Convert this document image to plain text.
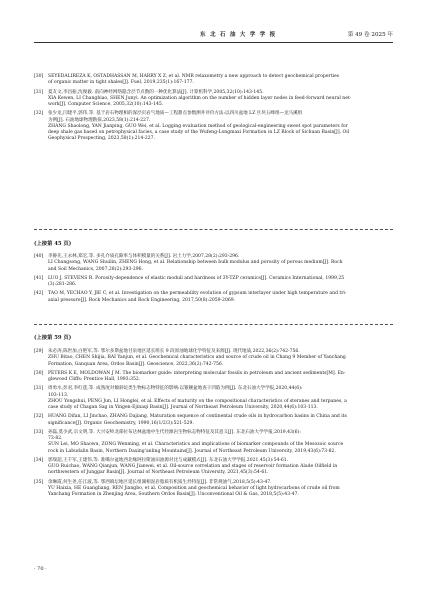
东 北 石 油 大 学 学 报	第 49 卷 2025 年
[30] SEYEDALIREZA K, OSTADHASSAN M, HARRY X Z, et al. NMR relaxometry a new approach to detect geochemical properties

of organic matter in tight shales[J]. Fuel, 2019,235(1):167-177.

[31] 夏友文,李昌振,沈俊毅. 前向神经网络隐含层节点数的一种优化算法[J]. 计算机科学,2005,32(10):143-145.

XIA Kewen, LI Changbiao, SHEN Junyi. An optimization algorithm on the number of hidden layer nodes in feed-forward neural net-

work[J]. Computer Science, 2005,32(10):143-145.

[32] 张少龙,闫建平,郭伟,等. 基于岩石物理相的深层页岩气地质—工程甜点参数测井评价方法:以四川盆地 LZ 区块五峰组—龙马溪组

为例[J]. 石油地球物理勘探,2023,58(1):214-227.

ZHANG Shaolong, YAN Jianping, GUO Wei, et al. Logging evaluation method of geological-engineering sweet spot parameters for

deep shale gas based on petrophysical facies, a case study of the Wufeng-Longmaxi Formation in LZ Block of Sichuan Basin[J]. Oil

Geophysical Prospecting, 2023,58(1):214-227.

(上接第 45 页)
[40] 李静先,王永林,郑宏,等. 多孔介质孔隙率与体积模量的关系[J]. 岩土力学,2007,28(2):293-296.

LI Changsong, WANG Shuilin, ZHENG Hong, et al. Relationship between bulk modulus and porosity of porous medium[J]. Rock

and Soil Mechanics, 2007,28(2):293-296.

[41] LUO J, STEVENS R. Porosity-dependence of elastic moduli and hardness of 3Y-TZP ceramics[J]. Ceramics International, 1999,25

(3):281-286.

[42] TAO M, YECHAO Y, JIE C, et al. Investigation on the permeability evolution of gypsum interlayer under high temperature and tri-

axial pressure[J]. Rock Mechanics and Rock Engineering, 2017,50(8):2059-2069.

(上接第 59 页)
[29] 朱必涛,陈世加,白艳军,等. 鄂尔多斯盆地甘泉地区延长组长 9 段原油地球化学特征及来源[J]. 现代地质,2022,36(2):742-756.

ZHU Bitao, CHEN Shijia, BAI Yanjun, et al. Geochemical characteristics and source of crude oil in Chang 9 Member of Yanchang

Formation, Ganquan Area, Ordos Basin[J]. Geoscience, 2022,36(2):742-756.

[30] PETERS K E, MOLDOWAN J M. The biomarker guide: interpreting molecular fossils in petroleum and ancient sediments[M]. En-

glewood Cliffs: Prentice Hall, 1993:352.

[31] 周勇水,彭君,李红莲,等. 成熟度对倾斜烷类生物标志物特征的影响:以银额盆地查干凹陷为例[J]. 东北石油大学学报,2020,44(6):

103-113.

ZHOU Yongshui, PENG Jun, LI Honglei, et al. Effects of maturity on the compositional characteristics of steranes and terpanes, a

case study of Chagan Sag in Yingen-Ejinaqi Basin[J]. Journal of Northeast Petroleum University, 2020,44(6):103-113.

[32] HUANG Difan, LI Jinchao, ZHANG Dajiang. Maturation sequence of continental crude oils in hydrocarbon basins in China and its

significance[J]. Organic Geochemistry, 1990,16(1/2/3):521-529.

[33] 孙磊,莫少武,宗文明,等. 大兴安岭北部拉布达林盆地中生代烃源岩生物标志物特征及其意义[J]. 东北石油大学学报,2019,43(6):

73-82.

SUN Lei, MO Shaowu, ZONG Wenming, et al. Characteristics and implications of biomarker compounds of the Mesozoic source

rock in Labudalin Basin, Northern Daxing'anling Mountains[J]. Journal of Northeast Petroleum University, 2019,43(6):73-82.

[34] 郭瑞超,王千军,王建伟,等. 准噶尔盆地西北缘阿拉斯油田油源对比与成藏模式[J]. 东北石油大学学报,2021,45(3):54-61.

GUO Ruichao, WANG Qianjun, WANG Jianwei, et al. Oil-source correlation and stages of reservoir formation Alade Oilfield in

northwestern of Junggar Basin[J]. Journal of Northeast Petroleum University, 2021,45(3):54-61.

[35] 余琳霞,何生尧,任江波,等. 鄂西镇坛地区延长组湖相泥岩脂质有机质生烃特征[J]. 非常规油气,2018,5(5):43-47.

YU Haixia, HE Guangliang, REN Jiangbo, et al. Composition and geochemical behavior of light hydrocarbons of crude oil from

Yanchang Formation in Zhenjing Area, Southern Ordos Basin[J]. Unconventional Oil & Gas, 2018,5(5):43-47.

· 70 ·
